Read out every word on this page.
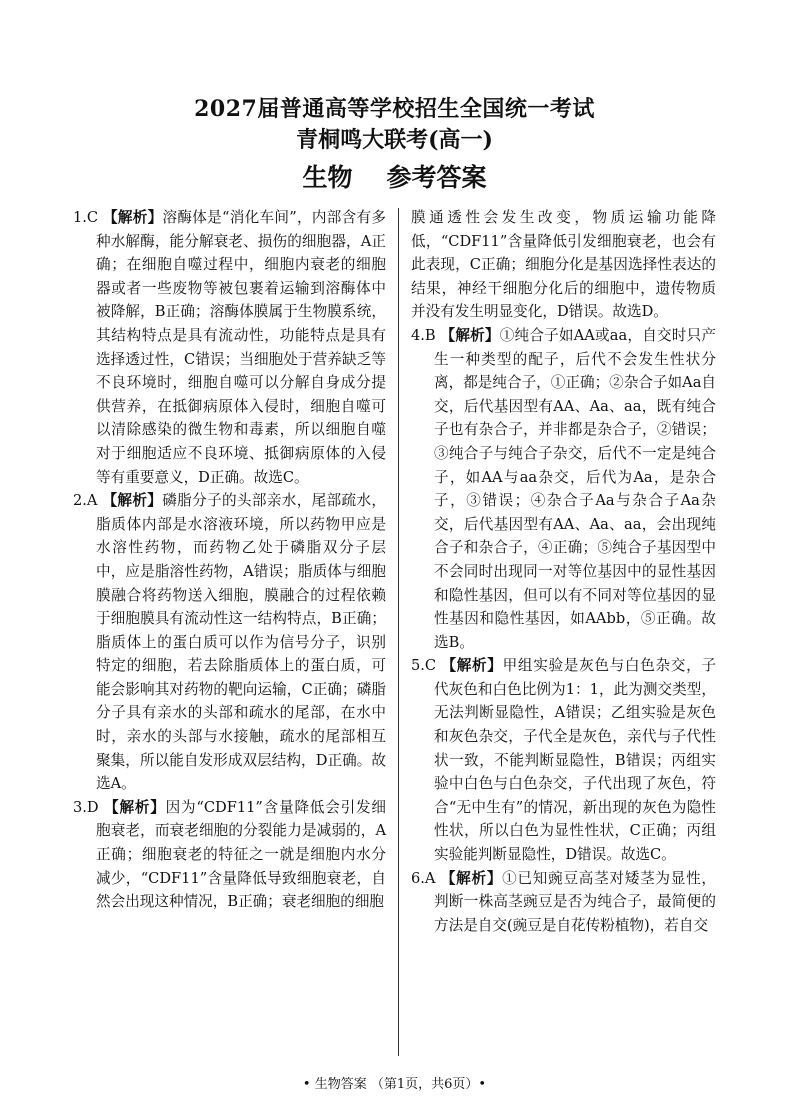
2027届普通高等学校招生全国统一考试
青桐鸣大联考(高一)
生物 参考答案

1.C 【解析】溶酶体是“消化车间”，内部含有多种水解酶，能分解衰老、损伤的细胞器，A正确；在细胞自噬过程中，细胞内衰老的细胞器或者一些废物等被包裹着运输到溶酶体中被降解，B正确；溶酶体膜属于生物膜系统，其结构特点是具有流动性，功能特点是具有选择透过性，C错误；当细胞处于营养缺乏等不良环境时，细胞自噬可以分解自身成分提供营养，在抵御病原体入侵时，细胞自噬可以清除感染的微生物和毒素，所以细胞自噬对于细胞适应不良环境、抵御病原体的入侵等有重要意义，D正确。故选C。

2.A 【解析】磷脂分子的头部亲水，尾部疏水，脂质体内部是水溶液环境，所以药物甲应是水溶性药物，而药物乙处于磷脂双分子层中，应是脂溶性药物，A错误；脂质体与细胞膜融合将药物送入细胞，膜融合的过程依赖于细胞膜具有流动性这一结构特点，B正确；脂质体上的蛋白质可以作为信号分子，识别特定的细胞，若去除脂质体上的蛋白质，可能会影响其对药物的靶向运输，C正确；磷脂分子具有亲水的头部和疏水的尾部，在水中时，亲水的头部与水接触，疏水的尾部相互聚集，所以能自发形成双层结构，D正确。故选A。

3.D 【解析】因为“CDF11”含量降低会引发细胞衰老，而衰老细胞的分裂能力是减弱的，A正确；细胞衰老的特征之一就是细胞内水分减少，“CDF11”含量降低导致细胞衰老，自然会出现这种情况，B正确；衰老细胞的细胞

膜通透性会发生改变，物质运输功能降低，“CDF11”含量降低引发细胞衰老，也会有此表现，C正确；细胞分化是基因选择性表达的结果，神经干细胞分化后的细胞中，遗传物质并没有发生明显变化，D错误。故选D。

4.B 【解析】①纯合子如AA或aa，自交时只产生一种类型的配子，后代不会发生性状分离，都是纯合子，①正确；②杂合子如Aa自交，后代基因型有AA、Aa、aa，既有纯合子也有杂合子，并非都是杂合子，②错误；③纯合子与纯合子杂交，后代不一定是纯合子，如AA与aa杂交，后代为Aa，是杂合子，③错误；④杂合子Aa与杂合子Aa杂交，后代基因型有AA、Aa、aa，会出现纯合子和杂合子，④正确；⑤纯合子基因型中不会同时出现同一对等位基因中的显性基因和隐性基因，但可以有不同对等位基因的显性基因和隐性基因，如AAbb，⑤正确。故选B。

5.C 【解析】甲组实验是灰色与白色杂交，子代灰色和白色比例为1：1，此为测交类型，无法判断显隐性，A错误；乙组实验是灰色和灰色杂交，子代全是灰色，亲代与子代性状一致，不能判断显隐性，B错误；丙组实验中白色与白色杂交，子代出现了灰色，符合“无中生有”的情况，新出现的灰色为隐性性状，所以白色为显性性状，C正确；丙组实验能判断显隐性，D错误。故选C。

6.A 【解析】①已知豌豆高茎对矮茎为显性，判断一株高茎豌豆是否为纯合子，最简便的方法是自交(豌豆是自花传粉植物)，若自交

• 生物答案 （第1页，共6页）•
